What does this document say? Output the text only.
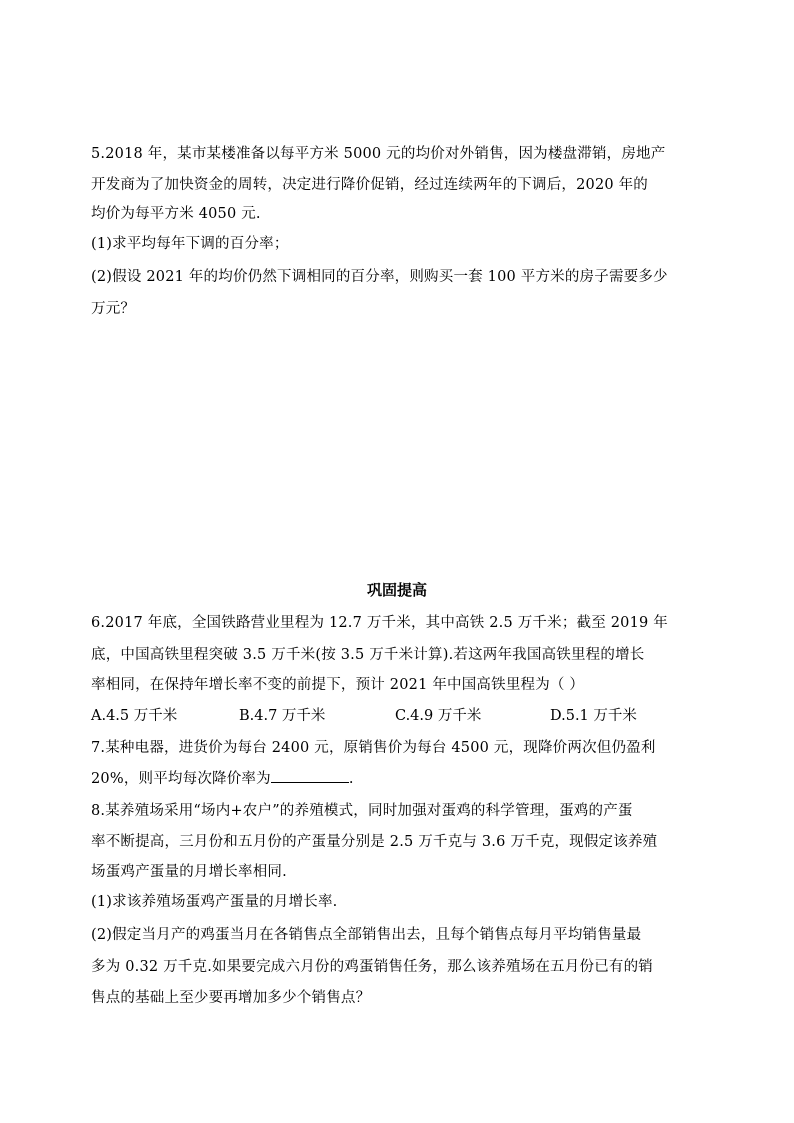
5.2018 年，某市某楼准备以每平方米 5000 元的均价对外销售，因为楼盘滞销，房地产
开发商为了加快资金的周转，决定进行降价促销，经过连续两年的下调后，2020 年的
均价为每平方米 4050 元.
(1)求平均每年下调的百分率；
(2)假设 2021 年的均价仍然下调相同的百分率，则购买一套 100 平方米的房子需要多少
万元？
巩固提高
6.2017 年底，全国铁路营业里程为 12.7 万千米，其中高铁 2.5 万千米；截至 2019 年
底，中国高铁里程突破 3.5 万千米(按 3.5 万千米计算).若这两年我国高铁里程的增长
率相同，在保持年增长率不变的前提下，预计 2021 年中国高铁里程为（ ）
A.4.5 万千米	B.4.7 万千米	C.4.9 万千米	D.5.1 万千米
7.某种电器，进货价为每台 2400 元，原销售价为每台 4500 元，现降价两次但仍盈利
20%，则平均每次降价率为	.
8.某养殖场采用“场内+农户”的养殖模式，同时加强对蛋鸡的科学管理，蛋鸡的产蛋
率不断提高，三月份和五月份的产蛋量分别是 2.5 万千克与 3.6 万千克，现假定该养殖
场蛋鸡产蛋量的月增长率相同.
(1)求该养殖场蛋鸡产蛋量的月增长率.
(2)假定当月产的鸡蛋当月在各销售点全部销售出去，且每个销售点每月平均销售量最
多为 0.32 万千克.如果要完成六月份的鸡蛋销售任务，那么该养殖场在五月份已有的销
售点的基础上至少要再增加多少个销售点？
